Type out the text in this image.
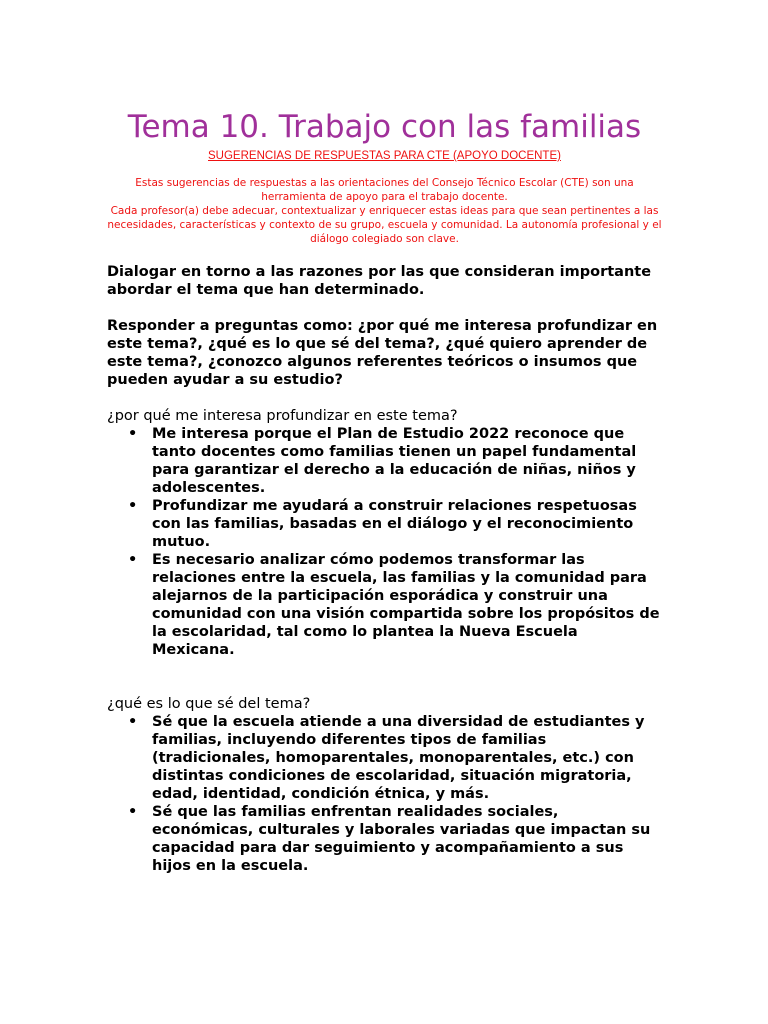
Tema 10. Trabajo con las familias
SUGERENCIAS DE RESPUESTAS PARA CTE (APOYO DOCENTE)

Estas sugerencias de respuestas a las orientaciones del Consejo Técnico Escolar (CTE) son una herramienta de apoyo para el trabajo docente.

Cada profesor(a) debe adecuar, contextualizar y enriquecer estas ideas para que sean pertinentes a las necesidades, características y contexto de su grupo, escuela y comunidad. La autonomía profesional y el diálogo colegiado son clave.

Dialogar en torno a las razones por las que consideran importante abordar el tema que han determinado.

Responder a preguntas como: ¿por qué me interesa profundizar en este tema?, ¿qué es lo que sé del tema?, ¿qué quiero aprender de este tema?, ¿conozco algunos referentes teóricos o insumos que pueden ayudar a su estudio?

¿por qué me interesa profundizar en este tema?

• Me interesa porque el Plan de Estudio 2022 reconoce que tanto docentes como familias tienen un papel fundamental para garantizar el derecho a la educación de niñas, niños y adolescentes.
• Profundizar me ayudará a construir relaciones respetuosas con las familias, basadas en el diálogo y el reconocimiento mutuo.
• Es necesario analizar cómo podemos transformar las relaciones entre la escuela, las familias y la comunidad para alejarnos de la participación esporádica y construir una comunidad con una visión compartida sobre los propósitos de la escolaridad, tal como lo plantea la Nueva Escuela Mexicana.

¿qué es lo que sé del tema?

• Sé que la escuela atiende a una diversidad de estudiantes y familias, incluyendo diferentes tipos de familias (tradicionales, homoparentales, monoparentales, etc.) con distintas condiciones de escolaridad, situación migratoria, edad, identidad, condición étnica, y más.
• Sé que las familias enfrentan realidades sociales, económicas, culturales y laborales variadas que impactan su capacidad para dar seguimiento y acompañamiento a sus hijos en la escuela.
